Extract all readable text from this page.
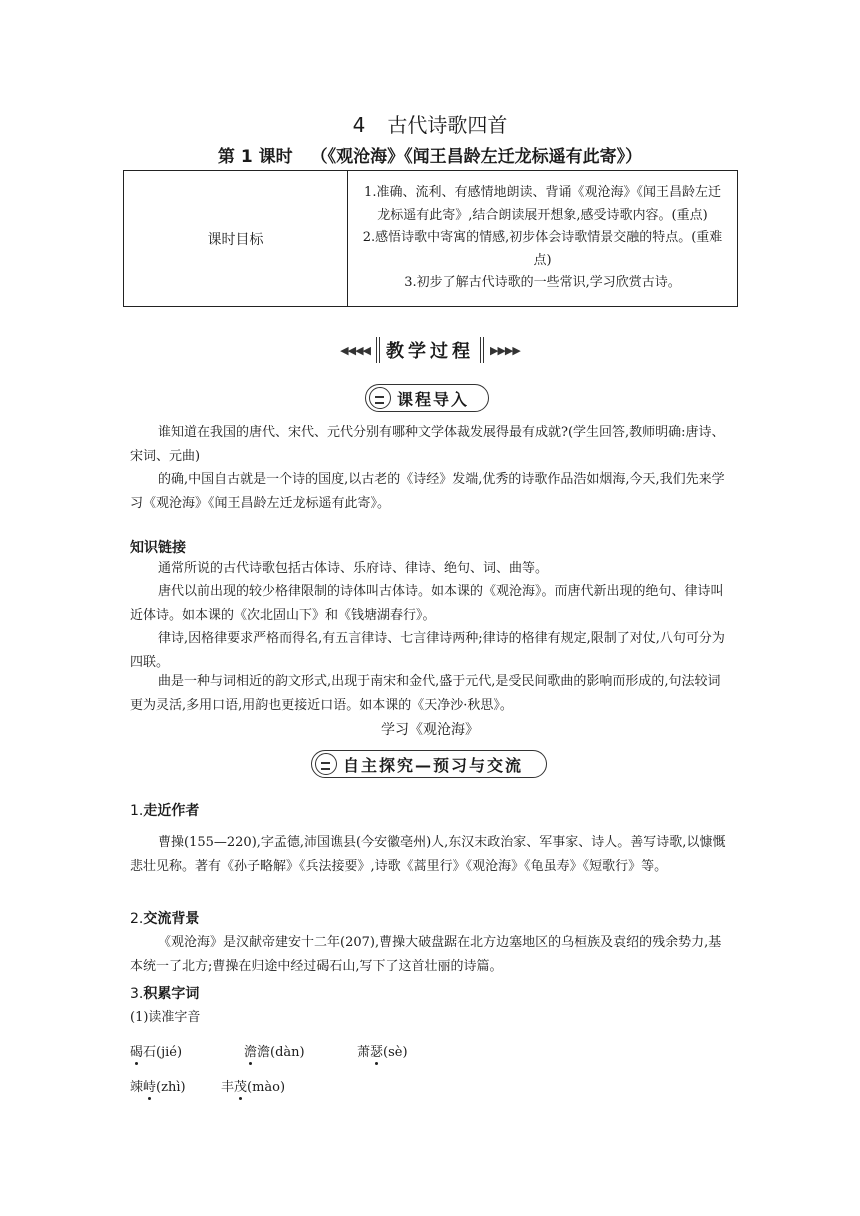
4 古代诗歌四首
第 1 课时 （《观沧海》《闻王昌龄左迁龙标遥有此寄》）
课时目标	
1.准确、流利、有感情地朗读、背诵《观沧海》《闻王昌龄左迁龙标遥有此寄》,结合朗读展开想象,感受诗歌内容。(重点)
2.感悟诗歌中寄寓的情感,初步体会诗歌情景交融的特点。(重难点)
3.初步了解古代诗歌的一些常识,学习欣赏古诗。
◀◀◀◀ 教学过程 ▶▶▶▶
课程导入

谁知道在我国的唐代、宋代、元代分别有哪种文学体裁发展得最有成就?(学生回答,教师明确:唐诗、宋词、元曲)

的确,中国自古就是一个诗的国度,以古老的《诗经》发端,优秀的诗歌作品浩如烟海,今天,我们先来学习《观沧海》《闻王昌龄左迁龙标遥有此寄》。

知识链接

通常所说的古代诗歌包括古体诗、乐府诗、律诗、绝句、词、曲等。

唐代以前出现的较少格律限制的诗体叫古体诗。如本课的《观沧海》。而唐代新出现的绝句、律诗叫近体诗。如本课的《次北固山下》和《钱塘湖春行》。

律诗,因格律要求严格而得名,有五言律诗、七言律诗两种;律诗的格律有规定,限制了对仗,八句可分为四联。

曲是一种与词相近的韵文形式,出现于南宋和金代,盛于元代,是受民间歌曲的影响而形成的,句法较词更为灵活,多用口语,用韵也更接近口语。如本课的《天净沙·秋思》。

学习《观沧海》
自主探究—预习与交流
1.走近作者

曹操(155—220),字孟德,沛国谯县(今安徽亳州)人,东汉末政治家、军事家、诗人。善写诗歌,以慷慨悲壮见称。著有《孙子略解》《兵法接要》,诗歌《蒿里行》《观沧海》《龟虽寿》《短歌行》等。

2.交流背景

《观沧海》是汉献帝建安十二年(207),曹操大破盘踞在北方边塞地区的乌桓族及袁绍的残余势力,基本统一了北方;曹操在归途中经过碣石山,写下了这首壮丽的诗篇。

3.积累字词
(1)读准字音
碣石(jié)	澹澹(dàn)	萧瑟(sè)
竦峙(zhì)	丰茂(mào)
